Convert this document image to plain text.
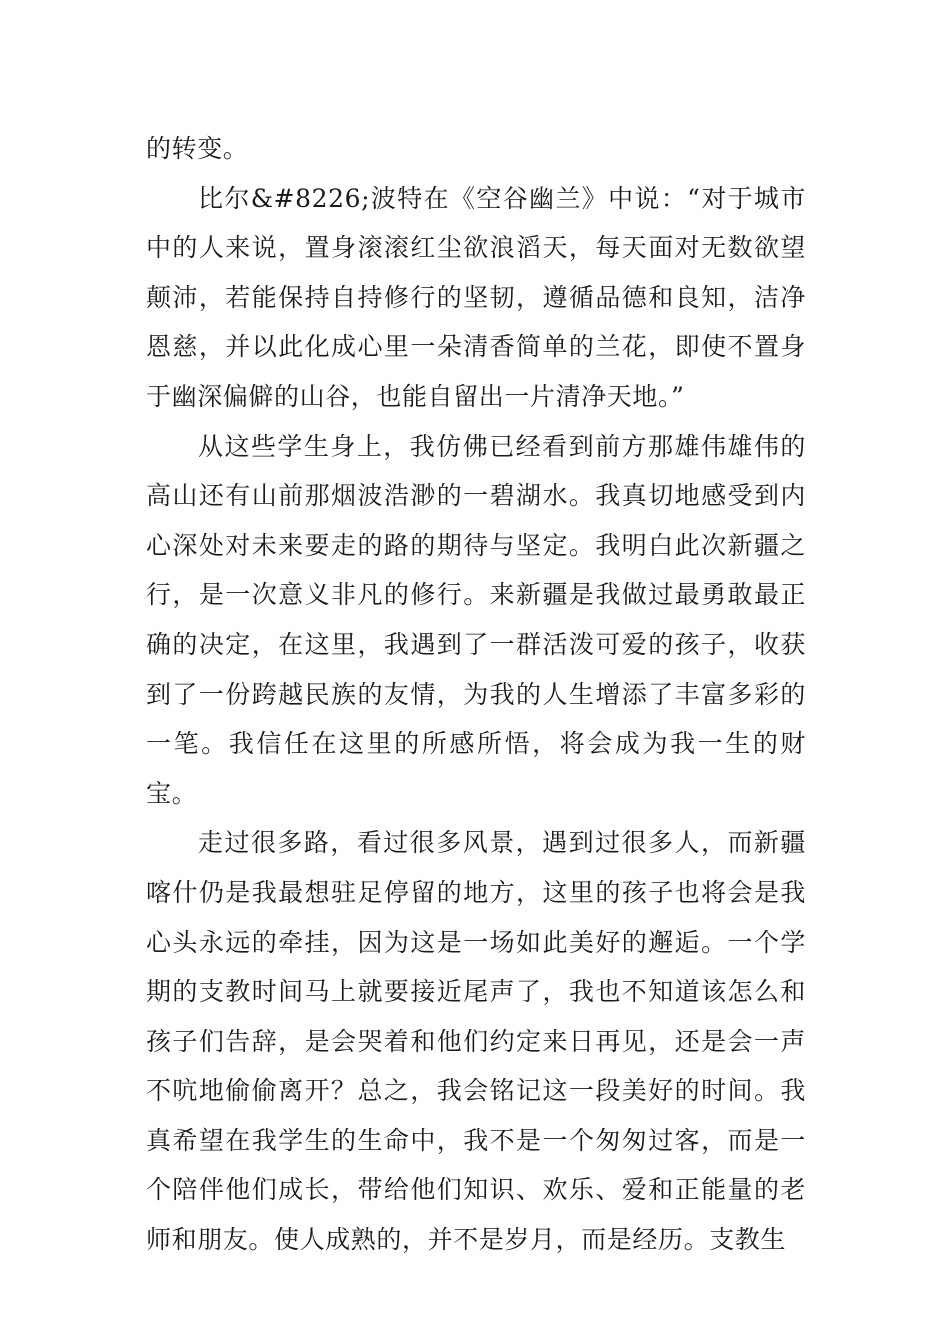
的转变。

比尔&#8226;波特在《空谷幽兰》中说：“对于城市中的人来说，置身滚滚红尘欲浪滔天，每天面对无数欲望颠沛，若能保持自持修行的坚韧，遵循品德和良知，洁净恩慈，并以此化成心里一朵清香简单的兰花，即使不置身于幽深偏僻的山谷，也能自留出一片清净天地。”

从这些学生身上，我仿佛已经看到前方那雄伟雄伟的高山还有山前那烟波浩渺的一碧湖水。我真切地感受到内心深处对未来要走的路的期待与坚定。我明白此次新疆之行，是一次意义非凡的修行。来新疆是我做过最勇敢最正确的决定，在这里，我遇到了一群活泼可爱的孩子，收获到了一份跨越民族的友情，为我的人生增添了丰富多彩的一笔。我信任在这里的所感所悟，将会成为我一生的财宝。

走过很多路，看过很多风景，遇到过很多人，而新疆喀什仍是我最想驻足停留的地方，这里的孩子也将会是我心头永远的牵挂，因为这是一场如此美好的邂逅。一个学期的支教时间马上就要接近尾声了，我也不知道该怎么和孩子们告辞，是会哭着和他们约定来日再见，还是会一声不吭地偷偷离开？总之，我会铭记这一段美好的时间。我真希望在我学生的生命中，我不是一个匆匆过客，而是一个陪伴他们成长，带给他们知识、欢乐、爱和正能量的老师和朋友。使人成熟的，并不是岁月，而是经历。支教生
